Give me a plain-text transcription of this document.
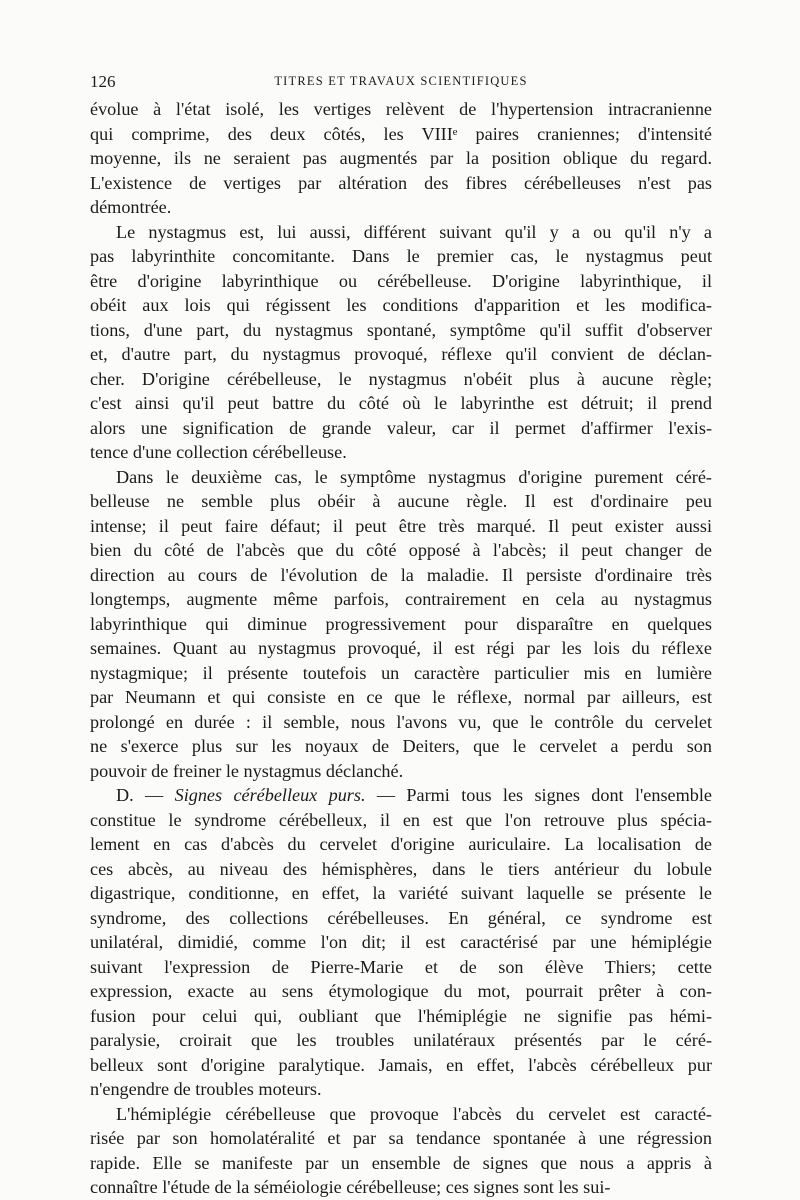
126	TITRES ET TRAVAUX SCIENTIFIQUES
évolue à l'état isolé, les vertiges relèvent de l'hypertension intracranienne
qui comprime, des deux côtés, les VIIIᵉ paires craniennes; d'intensité
moyenne, ils ne seraient pas augmentés par la position oblique du regard.
L'existence de vertiges par altération des fibres cérébelleuses n'est pas
démontrée.
Le nystagmus est, lui aussi, différent suivant qu'il y a ou qu'il n'y a
pas labyrinthite concomitante. Dans le premier cas, le nystagmus peut
être d'origine labyrinthique ou cérébelleuse. D'origine labyrinthique, il
obéit aux lois qui régissent les conditions d'apparition et les modifica-
tions, d'une part, du nystagmus spontané, symptôme qu'il suffit d'observer
et, d'autre part, du nystagmus provoqué, réflexe qu'il convient de déclan-
cher. D'origine cérébelleuse, le nystagmus n'obéit plus à aucune règle;
c'est ainsi qu'il peut battre du côté où le labyrinthe est détruit; il prend
alors une signification de grande valeur, car il permet d'affirmer l'exis-
tence d'une collection cérébelleuse.
Dans le deuxième cas, le symptôme nystagmus d'origine purement céré-
belleuse ne semble plus obéir à aucune règle. Il est d'ordinaire peu
intense; il peut faire défaut; il peut être très marqué. Il peut exister aussi
bien du côté de l'abcès que du côté opposé à l'abcès; il peut changer de
direction au cours de l'évolution de la maladie. Il persiste d'ordinaire très
longtemps, augmente même parfois, contrairement en cela au nystagmus
labyrinthique qui diminue progressivement pour disparaître en quelques
semaines. Quant au nystagmus provoqué, il est régi par les lois du réflexe
nystagmique; il présente toutefois un caractère particulier mis en lumière
par Neumann et qui consiste en ce que le réflexe, normal par ailleurs, est
prolongé en durée : il semble, nous l'avons vu, que le contrôle du cervelet
ne s'exerce plus sur les noyaux de Deiters, que le cervelet a perdu son
pouvoir de freiner le nystagmus déclanché.
D. — Signes cérébelleux purs. — Parmi tous les signes dont l'ensemble
constitue le syndrome cérébelleux, il en est que l'on retrouve plus spécia-
lement en cas d'abcès du cervelet d'origine auriculaire. La localisation de
ces abcès, au niveau des hémisphères, dans le tiers antérieur du lobule
digastrique, conditionne, en effet, la variété suivant laquelle se présente le
syndrome, des collections cérébelleuses. En général, ce syndrome est
unilatéral, dimidié, comme l'on dit; il est caractérisé par une hémiplégie
suivant l'expression de Pierre-Marie et de son élève Thiers; cette
expression, exacte au sens étymologique du mot, pourrait prêter à con-
fusion pour celui qui, oubliant que l'hémiplégie ne signifie pas hémi-
paralysie, croirait que les troubles unilatéraux présentés par le céré-
belleux sont d'origine paralytique. Jamais, en effet, l'abcès cérébelleux pur
n'engendre de troubles moteurs.
L'hémiplégie cérébelleuse que provoque l'abcès du cervelet est caracté-
risée par son homolatéralité et par sa tendance spontanée à une régression
rapide. Elle se manifeste par un ensemble de signes que nous a appris à
connaître l'étude de la séméiologie cérébelleuse; ces signes sont les sui-
